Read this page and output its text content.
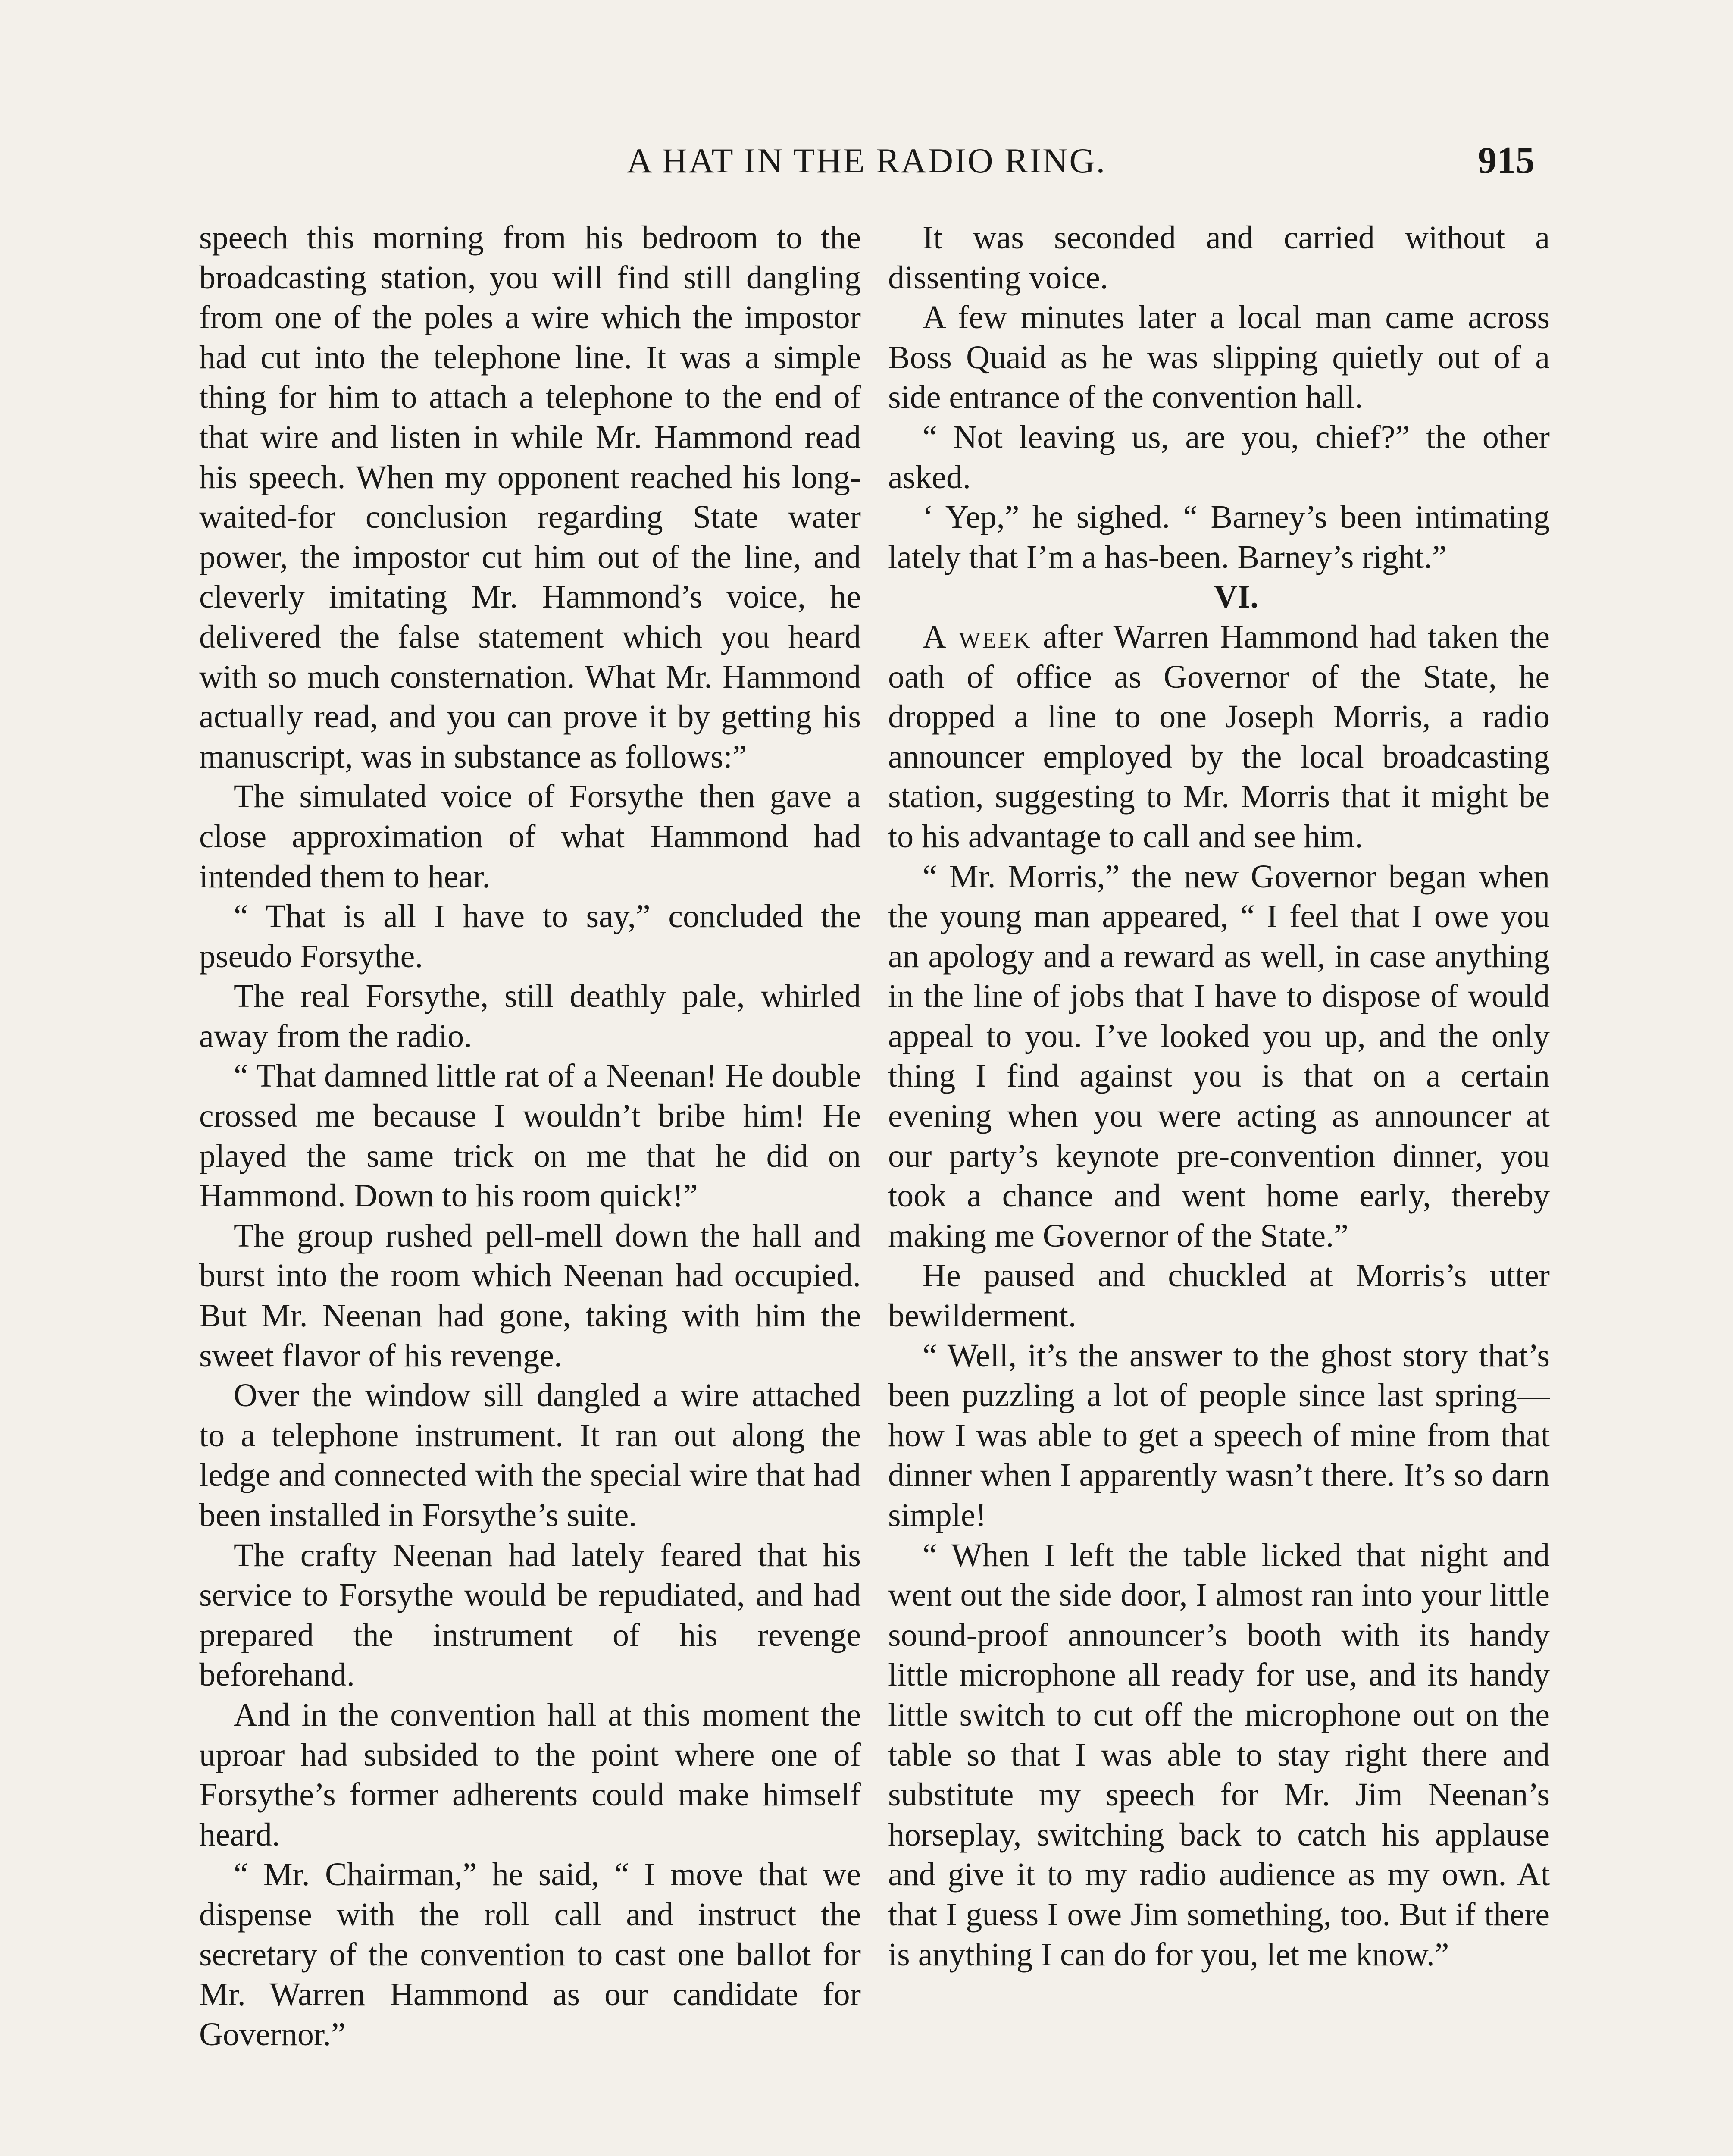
A HAT IN THE RADIO RING.	915

speech this morning from his bedroom to the broadcasting station, you will find still dangling from one of the poles a wire which the impostor had cut into the telephone line. It was a simple thing for him to attach a telephone to the end of that wire and listen in while Mr. Hammond read his speech. When my opponent reached his long-waited-for conclusion regarding State water power, the impostor cut him out of the line, and cleverly imitating Mr. Hammond’s voice, he delivered the false statement which you heard with so much consternation. What Mr. Hammond actually read, and you can prove it by getting his manuscript, was in substance as follows:”

The simulated voice of Forsythe then gave a close approximation of what Hammond had intended them to hear.

“ That is all I have to say,” concluded the pseudo Forsythe.

The real Forsythe, still deathly pale, whirled away from the radio.

“ That damned little rat of a Neenan! He double crossed me because I wouldn’t bribe him! He played the same trick on me that he did on Hammond. Down to his room quick!”

The group rushed pell-mell down the hall and burst into the room which Neenan had occupied. But Mr. Neenan had gone, taking with him the sweet flavor of his revenge.

Over the window sill dangled a wire attached to a telephone instrument. It ran out along the ledge and connected with the special wire that had been installed in Forsythe’s suite.

The crafty Neenan had lately feared that his service to Forsythe would be repudiated, and had prepared the instrument of his revenge beforehand.

And in the convention hall at this moment the uproar had subsided to the point where one of Forsythe’s former adherents could make himself heard.

“ Mr. Chairman,” he said, “ I move that we dispense with the roll call and instruct the secretary of the convention to cast one ballot for Mr. Warren Hammond as our candidate for Governor.”

It was seconded and carried without a dissenting voice.

A few minutes later a local man came across Boss Quaid as he was slipping quietly out of a side entrance of the convention hall.

“ Not leaving us, are you, chief?” the other asked.

‘ Yep,” he sighed. “ Barney’s been intimating lately that I’m a has-been. Barney’s right.”

VI.

A week after Warren Hammond had taken the oath of office as Governor of the State, he dropped a line to one Joseph Morris, a radio announcer employed by the local broadcasting station, suggesting to Mr. Morris that it might be to his advantage to call and see him.

“ Mr. Morris,” the new Governor began when the young man appeared, “ I feel that I owe you an apology and a reward as well, in case anything in the line of jobs that I have to dispose of would appeal to you. I’ve looked you up, and the only thing I find against you is that on a certain evening when you were acting as announcer at our party’s keynote pre-convention dinner, you took a chance and went home early, thereby making me Governor of the State.”

He paused and chuckled at Morris’s utter bewilderment.

“ Well, it’s the answer to the ghost story that’s been puzzling a lot of people since last spring—how I was able to get a speech of mine from that dinner when I apparently wasn’t there. It’s so darn simple!

“ When I left the table licked that night and went out the side door, I almost ran into your little sound-proof announcer’s booth with its handy little microphone all ready for use, and its handy little switch to cut off the microphone out on the table so that I was able to stay right there and substitute my speech for Mr. Jim Neenan’s horseplay, switching back to catch his applause and give it to my radio audience as my own. At that I guess I owe Jim something, too. But if there is anything I can do for you, let me know.”
